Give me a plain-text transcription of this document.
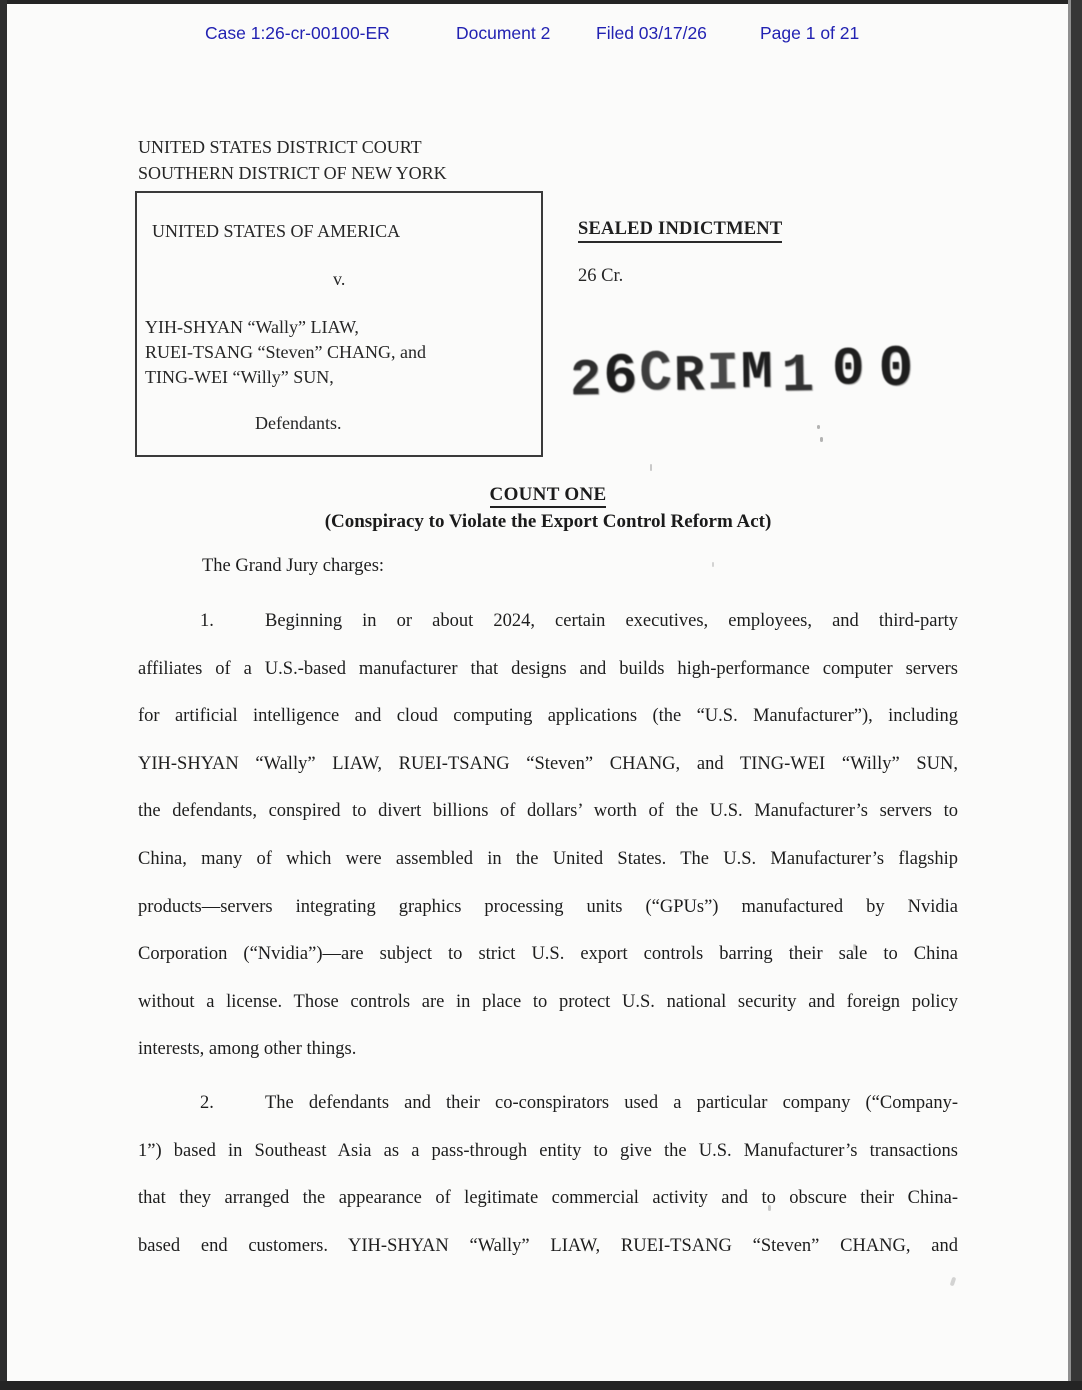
Case 1:26-cr-00100-ER	Document 2	Filed 03/17/26	Page 1 of 21
UNITED STATES DISTRICT COURT
SOUTHERN DISTRICT OF NEW YORK
UNITED STATES OF AMERICA
v.
YIH-SHYAN “Wally” LIAW,
RUEI-TSANG “Steven” CHANG, and
TING-WEI “Willy” SUN,
Defendants.
SEALED INDICTMENT
26 Cr.
26CRIM 1 0 0
COUNT ONE
(Conspiracy to Violate the Export Control Reform Act)
The Grand Jury charges:
1.	Beginning in or about 2024, certain executives, employees, and third-party
affiliates of a U.S.-based manufacturer that designs and builds high-performance computer servers
for artificial intelligence and cloud computing applications (the “U.S. Manufacturer”), including
YIH-SHYAN “Wally” LIAW, RUEI-TSANG “Steven” CHANG, and TING-WEI “Willy” SUN,
the defendants, conspired to divert billions of dollars’ worth of the U.S. Manufacturer’s servers to
China, many of which were assembled in the United States. The U.S. Manufacturer’s flagship
products—servers integrating graphics processing units (“GPUs”) manufactured by Nvidia
Corporation (“Nvidia”)—are subject to strict U.S. export controls barring their sale to China
without a license. Those controls are in place to protect U.S. national security and foreign policy
interests, among other things.
2.	The defendants and their co-conspirators used a particular company (“Company-
1”) based in Southeast Asia as a pass-through entity to give the U.S. Manufacturer’s transactions
that they arranged the appearance of legitimate commercial activity and to obscure their China-
based end customers. YIH-SHYAN “Wally” LIAW, RUEI-TSANG “Steven” CHANG, and
